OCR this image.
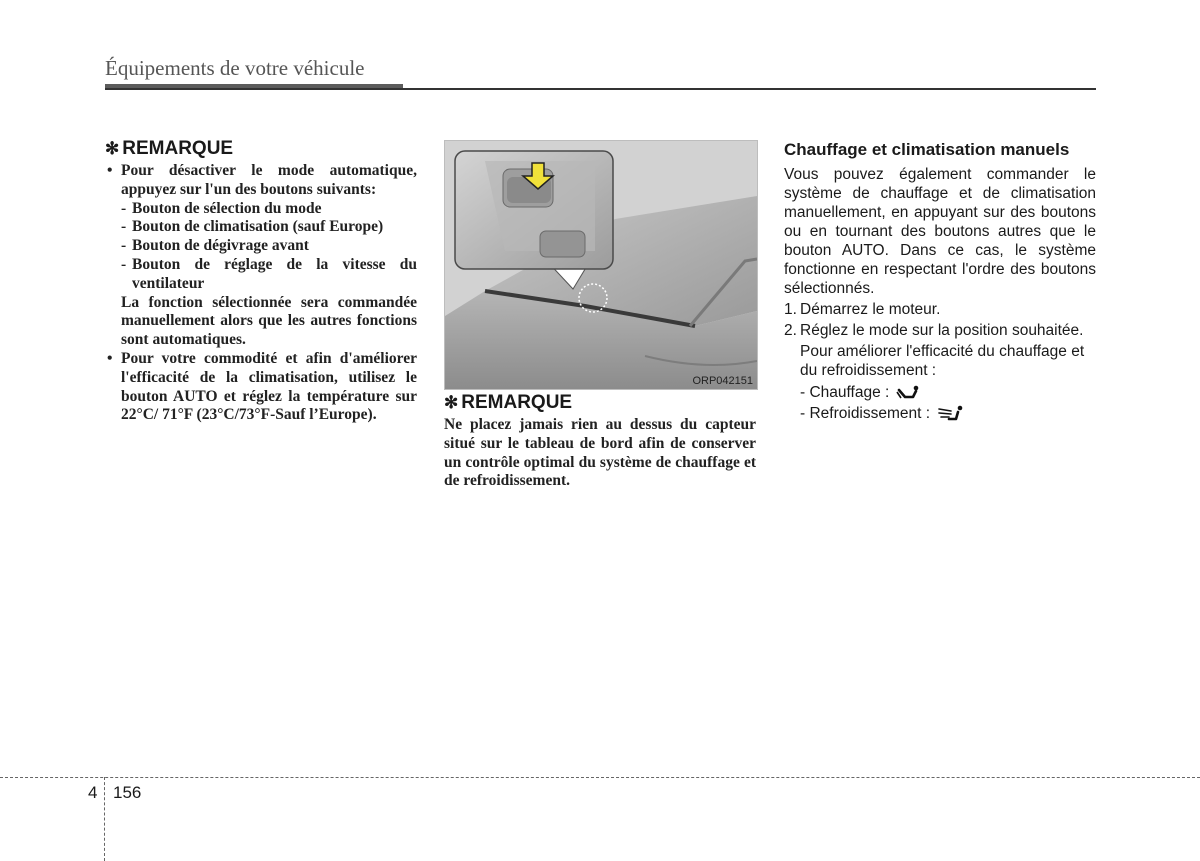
Équipements de votre véhicule
✻ REMARQUE

• Pour désactiver le mode automatique, appuyez sur l'un des boutons suivants:

- Bouton de sélection du mode

- Bouton de climatisation (sauf Europe)

- Bouton de dégivrage avant

- Bouton de réglage de la vitesse du ventilateur

La fonction sélectionnée sera commandée manuellement alors que les autres fonctions sont automatiques.

• Pour votre commodité et afin d'améliorer l'efficacité de la climatisation, utilisez le bouton AUTO et réglez la température sur 22°C/ 71°F (23°C/73°F-Sauf l’Europe).

ORP042151
✻ REMARQUE

Ne placez jamais rien au dessus du capteur situé sur le tableau de bord afin de conserver un contrôle optimal du système de chauffage et de refroidissement.

Chauffage et climatisation manuels

Vous pouvez également commander le système de chauffage et de climatisation manuellement, en appuyant sur des boutons ou en tournant des boutons autres que le bouton AUTO. Dans ce cas, le système fonctionne en respectant l'ordre des boutons sélectionnés.

1. Démarrez le moteur.
2. Réglez le mode sur la position souhaitée.

Pour améliorer l'efficacité du chauffage et du refroidissement :

- Chauffage :
- Refroidissement :
4 156
